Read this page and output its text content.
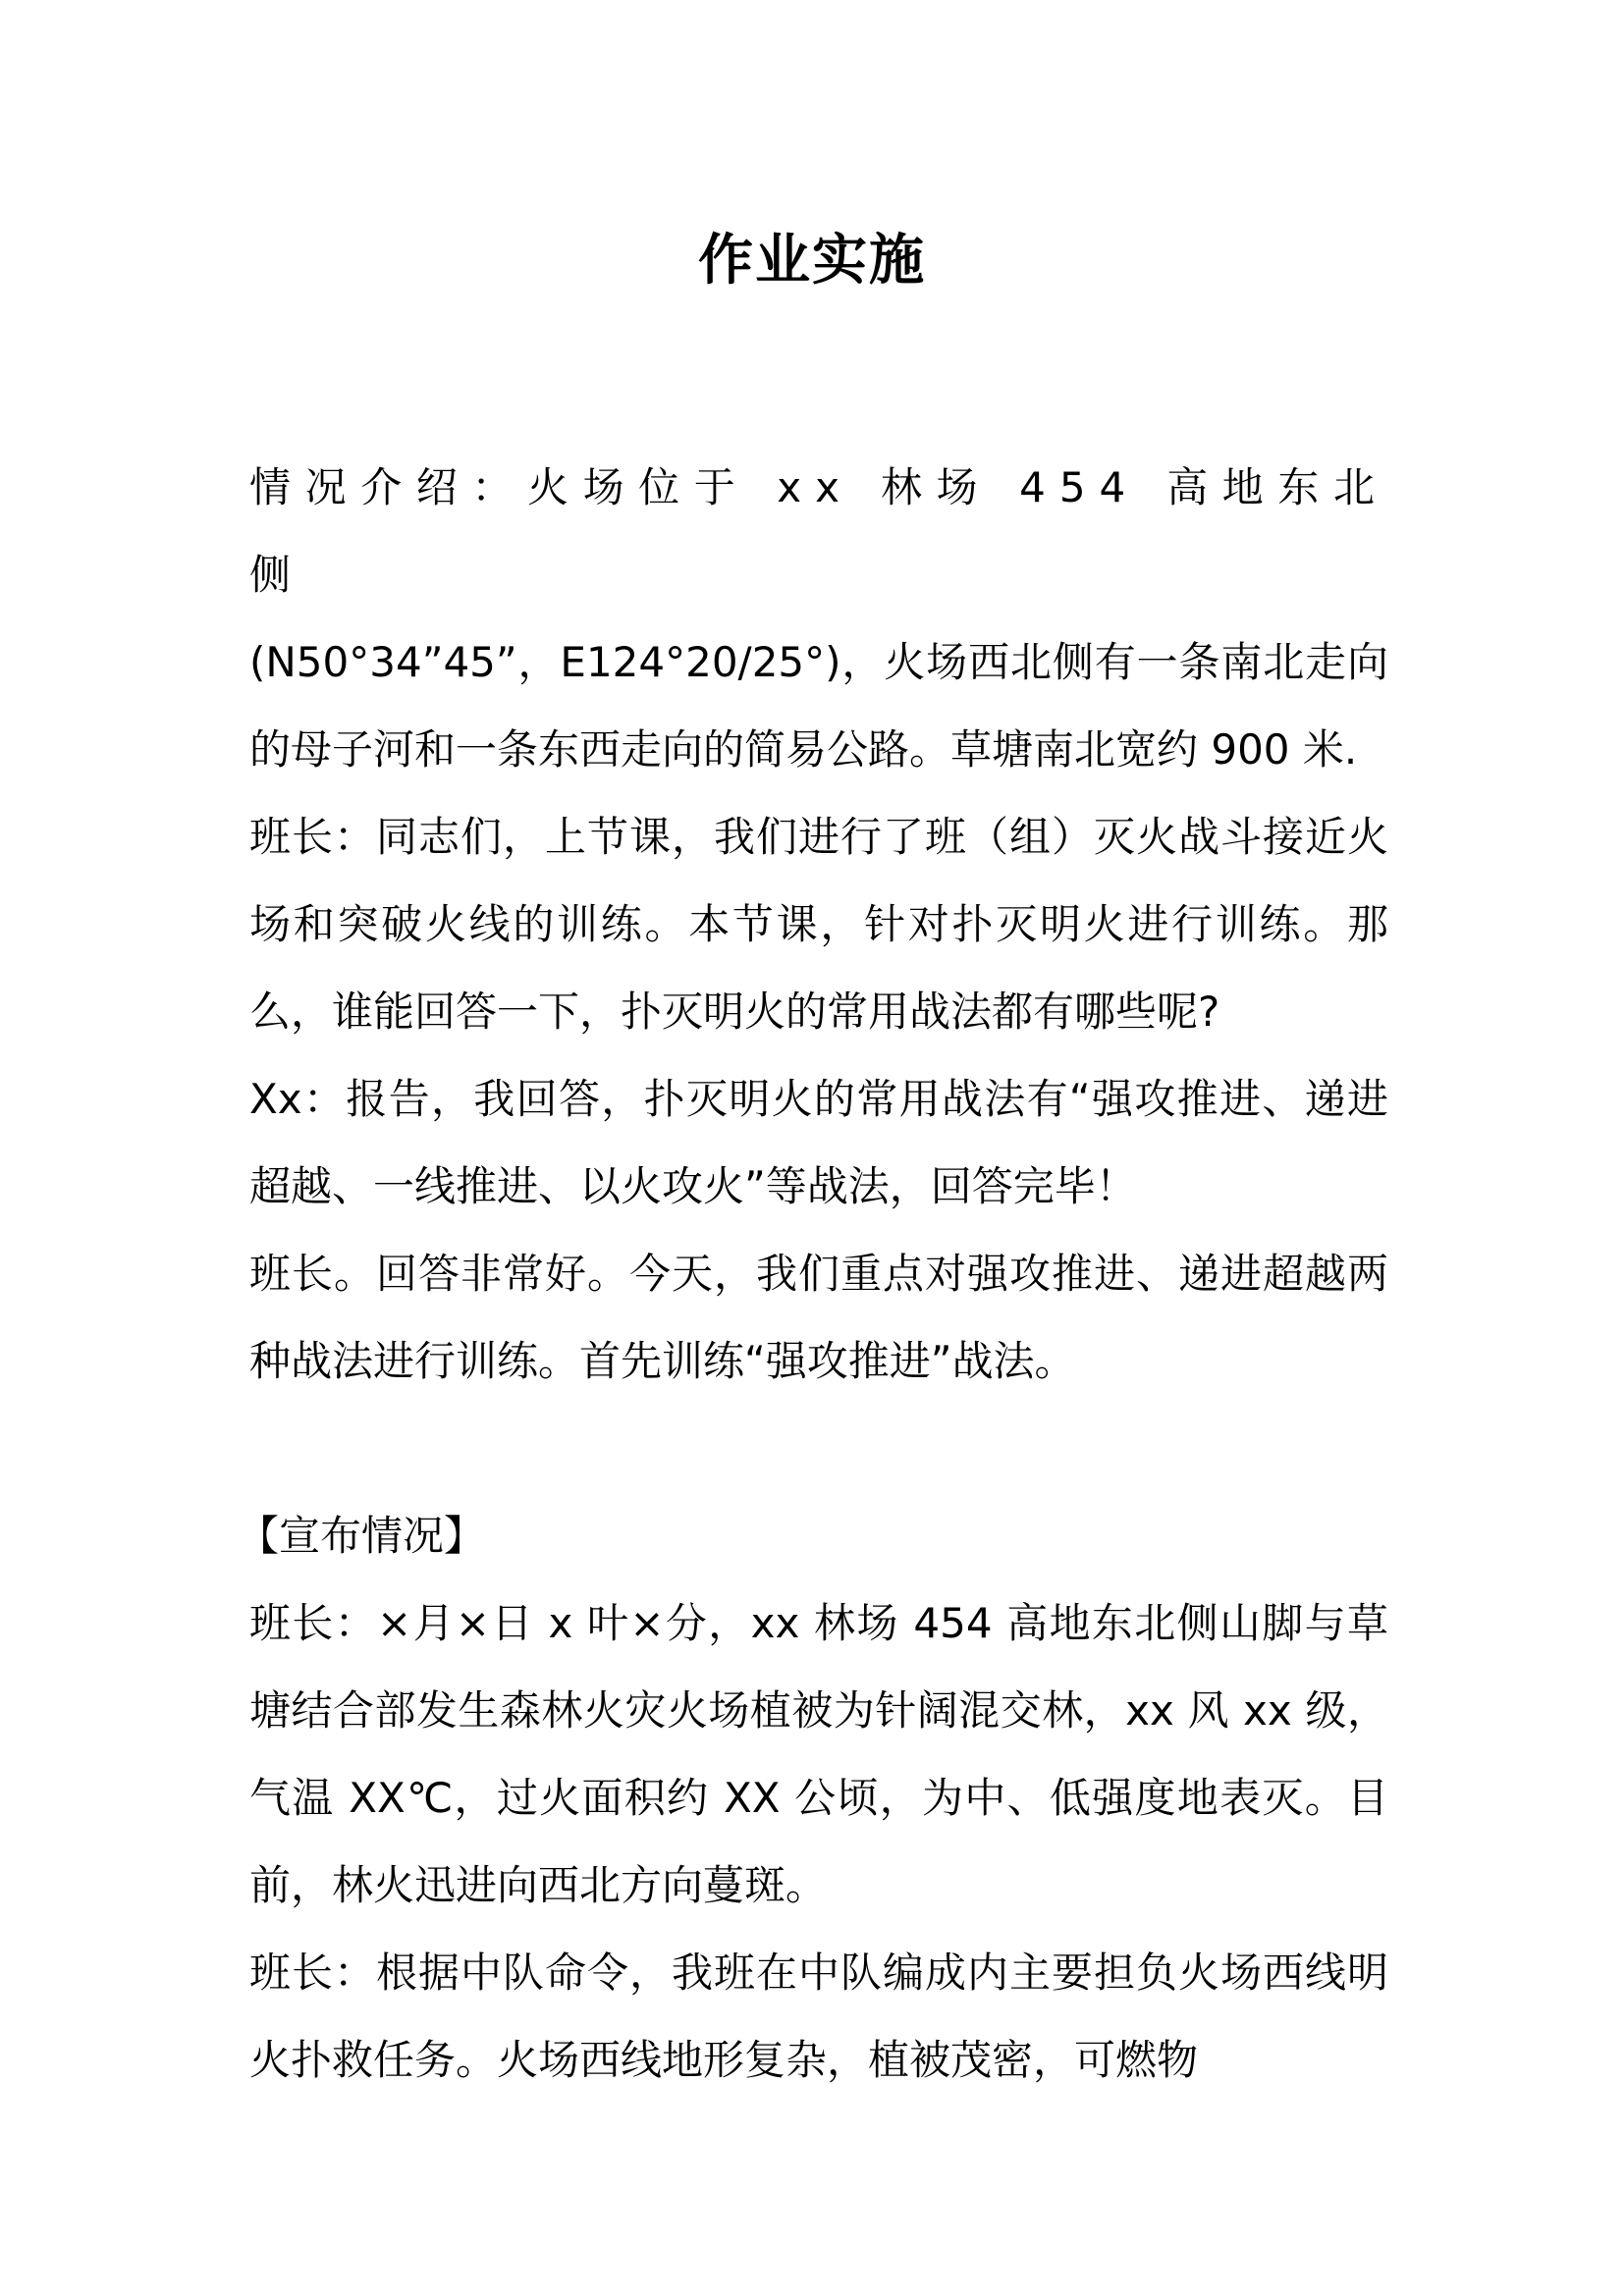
作业实施

情况介绍：火场位于 xx 林场 454 高地东北侧

(N50°34”45”，E124°20/25°)，火场西北侧有一条南北走向的母子河和一条东西走向的简易公路。草塘南北宽约 900 米.

班长：同志们，上节课，我们进行了班（组）灭火战斗接近火场和突破火线的训练。本节课，针对扑灭明火进行训练。那么，谁能回答一下，扑灭明火的常用战法都有哪些呢?

Xx：报告，我回答，扑灭明火的常用战法有“强攻推进、递进超越、一线推进、以火攻火”等战法，回答完毕！

班长。回答非常好。今天，我们重点对强攻推进、递进超越两种战法进行训练。首先训练“强攻推进”战法。

【宣布情况】

班长：×月×日 x 叶×分，xx 林场 454 高地东北侧山脚与草塘结合部发生森林火灾火场植被为针阔混交林，xx 风 xx 级，气温 XX℃，过火面积约 XX 公顷，为中、低强度地表灭。目前，林火迅进向西北方向蔓斑。

班长：根据中队命令，我班在中队编成内主要担负火场西线明火扑救任务。火场西线地形复杂，植被茂密，可燃物
